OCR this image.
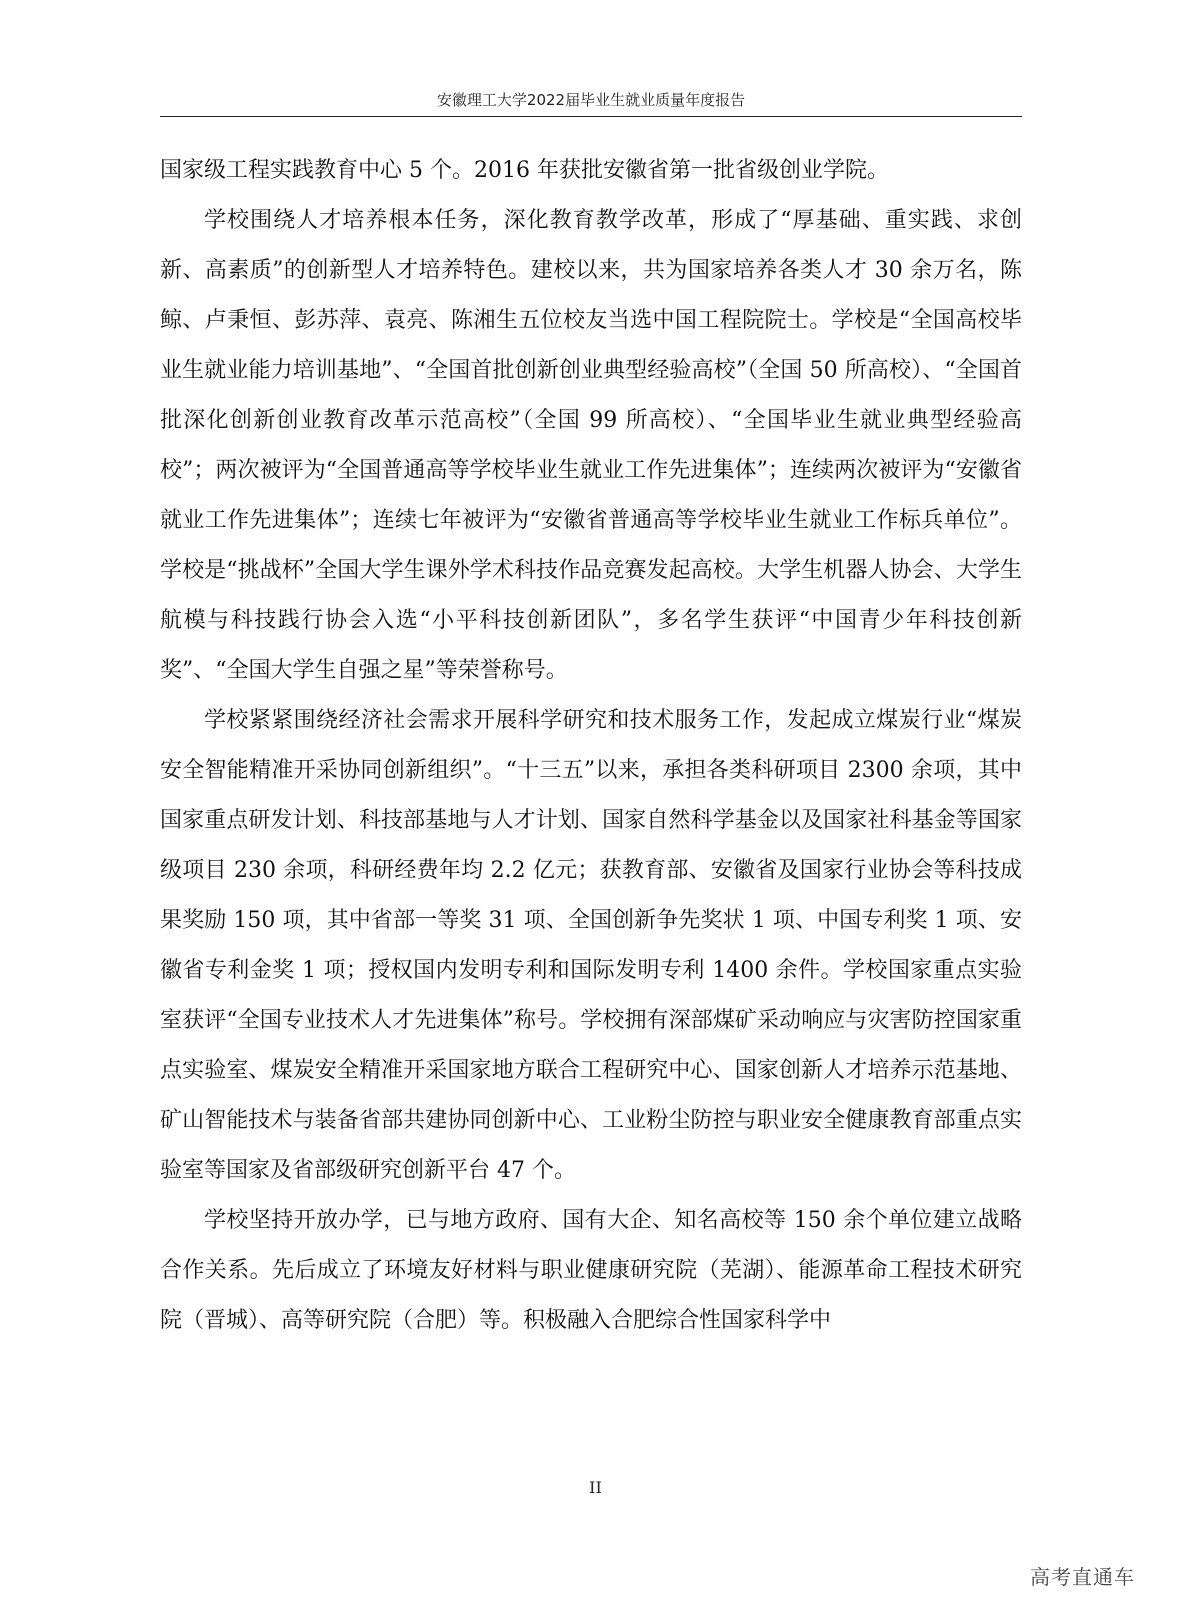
安徽理工大学2022届毕业生就业质量年度报告

国家级工程实践教育中心 5 个。2016 年获批安徽省第一批省级创业学院。

学校围绕人才培养根本任务，深化教育教学改革，形成了“厚基础、重实践、求创新、高素质”的创新型人才培养特色。建校以来，共为国家培养各类人才 30 余万名，陈鲸、卢秉恒、彭苏萍、袁亮、陈湘生五位校友当选中国工程院院士。学校是“全国高校毕业生就业能力培训基地”、“全国首批创新创业典型经验高校”（全国 50 所高校）、“全国首批深化创新创业教育改革示范高校”（全国 99 所高校）、“全国毕业生就业典型经验高校”；两次被评为“全国普通高等学校毕业生就业工作先进集体”；连续两次被评为“安徽省就业工作先进集体”；连续七年被评为“安徽省普通高等学校毕业生就业工作标兵单位”。学校是“挑战杯”全国大学生课外学术科技作品竞赛发起高校。大学生机器人协会、大学生航模与科技践行协会入选“小平科技创新团队”，多名学生获评“中国青少年科技创新奖”、“全国大学生自强之星”等荣誉称号。

学校紧紧围绕经济社会需求开展科学研究和技术服务工作，发起成立煤炭行业“煤炭安全智能精准开采协同创新组织”。“十三五”以来，承担各类科研项目 2300 余项，其中国家重点研发计划、科技部基地与人才计划、国家自然科学基金以及国家社科基金等国家级项目 230 余项，科研经费年均 2.2 亿元；获教育部、安徽省及国家行业协会等科技成果奖励 150 项，其中省部一等奖 31 项、全国创新争先奖状 1 项、中国专利奖 1 项、安徽省专利金奖 1 项；授权国内发明专利和国际发明专利 1400 余件。学校国家重点实验室获评“全国专业技术人才先进集体”称号。学校拥有深部煤矿采动响应与灾害防控国家重点实验室、煤炭安全精准开采国家地方联合工程研究中心、国家创新人才培养示范基地、矿山智能技术与装备省部共建协同创新中心、工业粉尘防控与职业安全健康教育部重点实验室等国家及省部级研究创新平台 47 个。

学校坚持开放办学，已与地方政府、国有大企、知名高校等 150 余个单位建立战略合作关系。先后成立了环境友好材料与职业健康研究院（芜湖）、能源革命工程技术研究院（晋城）、高等研究院（合肥）等。积极融入合肥综合性国家科学中

II
高考直通车
